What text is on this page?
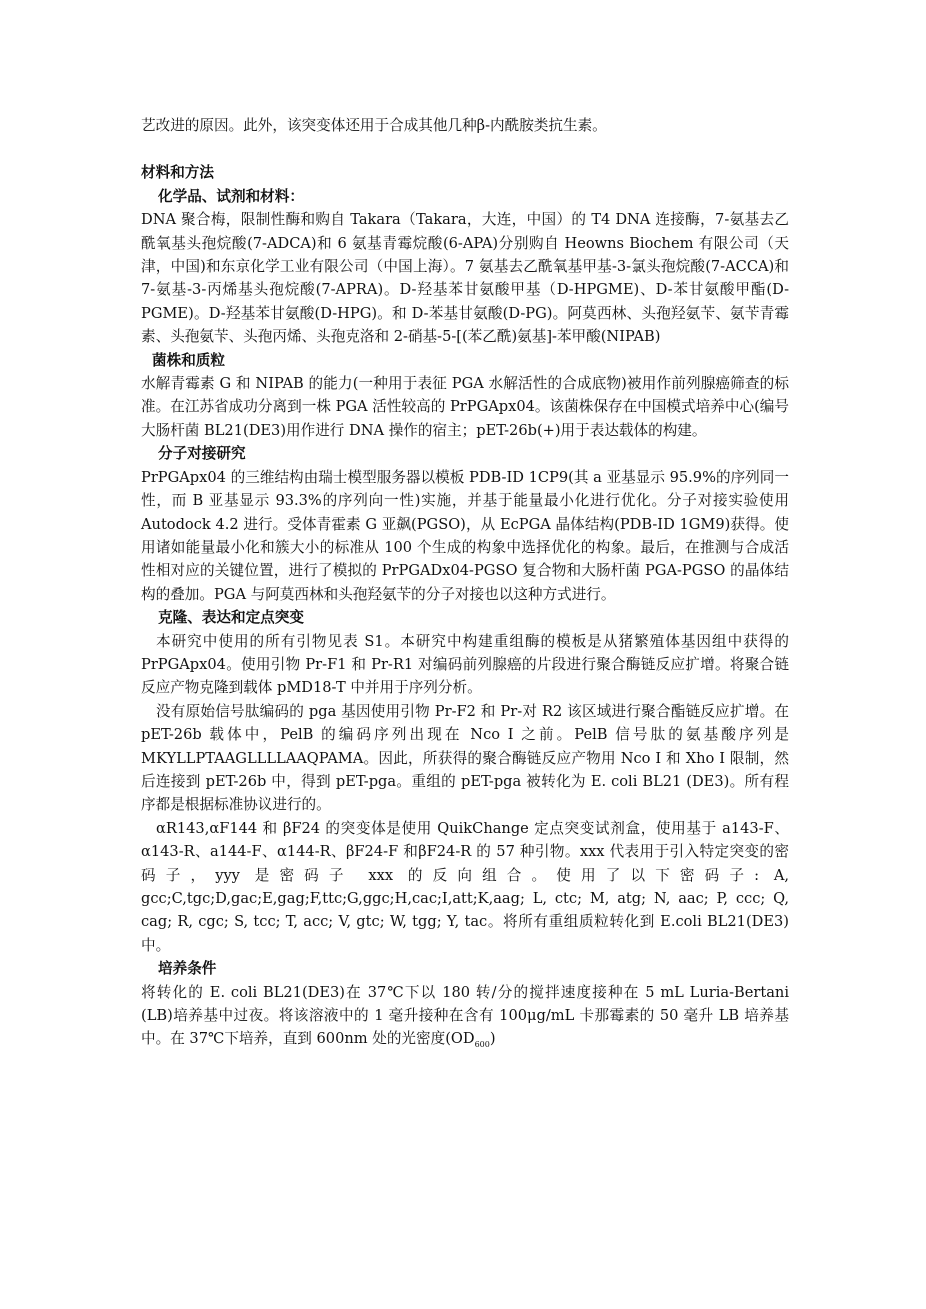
艺改进的原因。此外，该突变体还用于合成其他几种β-内酰胺类抗生素。

材料和方法

化学品、试剂和材料：

DNA 聚合梅，限制性酶和购自 Takara（Takara，大连，中国）的 T4 DNA 连接酶，7-氨基去乙酰氧基头孢烷酸(7-ADCA)和 6 氨基青霉烷酸(6-APA)分别购自 Heowns Biochem 有限公司（天津，中国)和东京化学工业有限公司（中国上海）。7 氨基去乙酰氧基甲基-3-氯头孢烷酸(7-ACCA)和 7-氨基-3-丙烯基头孢烷酸(7-APRA)。D-羟基苯甘氨酸甲基（D-HPGME)、D-苯甘氨酸甲酯(D-PGME)。D-羟基苯甘氨酸(D-HPG)。和 D-苯基甘氨酸(D-PG)。阿莫西林、头孢羟氨苄、氨苄青霉素、头孢氨苄、头孢丙烯、头孢克洛和 2-硝基-5-[(苯乙酰)氨基]-苯甲酸(NIPAB)

菌株和质粒

水解青霉素 G 和 NIPAB 的能力(一种用于表征 PGA 水解活性的合成底物)被用作前列腺癌筛查的标准。在江苏省成功分离到一株 PGA 活性较高的 PrPGApx04。该菌株保存在中国模式培养中心(编号大肠杆菌 BL21(DE3)用作进行 DNA 操作的宿主；pET-26b(+)用于表达载体的构建。

分子对接研究

PrPGApx04 的三维结构由瑞士模型服务器以模板 PDB-ID 1CP9(其 a 亚基显示 95.9%的序列同一性，而 B 亚基显示 93.3%的序列向一性)实施，并基于能量最小化进行优化。分子对接实验使用 Autodock 4.2 进行。受体青霍素 G 亚飙(PGSO)，从 EcPGA 晶体结构(PDB-ID 1GM9)获得。使用诸如能量最小化和簇大小的标准从 100 个生成的构象中选择优化的构象。最后，在推测与合成活性相对应的关键位置，进行了模拟的 PrPGADx04-PGSO 复合物和大肠杆菌 PGA-PGSO 的晶体结构的叠加。PGA 与阿莫西林和头孢羟氨苄的分子对接也以这种方式进行。

克隆、表达和定点突变

本研究中使用的所有引物见表 S1。本研究中构建重组酶的模板是从猪繁殖体基因组中获得的 PrPGApx04。使用引物 Pr-F1 和 Pr-R1 对编码前列腺癌的片段进行聚合酶链反应扩增。将聚合链反应产物克隆到载体 pMD18-T 中并用于序列分析。

没有原始信号肽编码的 pga 基因使用引物 Pr-F2 和 Pr-对 R2 该区域进行聚合酯链反应扩增。在 pET-26b 载体中，PelB 的编码序列出现在 Nco I 之前。PelB 信号肽的氨基酸序列是 MKYLLPTAAGLLLLAAQPAMA。因此，所获得的聚合酶链反应产物用 Nco I 和 Xho I 限制，然后连接到 pET-26b 中，得到 pET-pga。重组的 pET-pga 被转化为 E. coli BL21 (DE3)。所有程序都是根据标准协议进行的。

αR143,αF144 和 βF24 的突变体是使用 QuikChange 定点突变试剂盒，使用基于 a143-F、α143-R、a144-F、α144-R、βF24-F 和βF24-R 的 57 种引物。xxx 代表用于引入特定突变的密码子，yyy 是密码子 xxx 的反向组合。使用了以下密码子: A, gcc;C,tgc;D,gac;E,gag;F,ttc;G,ggc;H,cac;I,att;K,aag; L, ctc; M, atg; N, aac; P, ccc; Q, cag; R, cgc; S, tcc; T, acc; V, gtc; W, tgg; Y, tac。将所有重组质粒转化到 E.coli BL21(DE3)中。

培养条件

将转化的 E. coli BL21(DE3)在 37℃下以 180 转/分的搅拌速度接种在 5 mL Luria-Bertani (LB)培养基中过夜。将该溶液中的 1 毫升接种在含有 100μg/mL 卡那霉素的 50 毫升 LB 培养基中。在 37℃下培养，直到 600nm 处的光密度$(OD_{600})$
